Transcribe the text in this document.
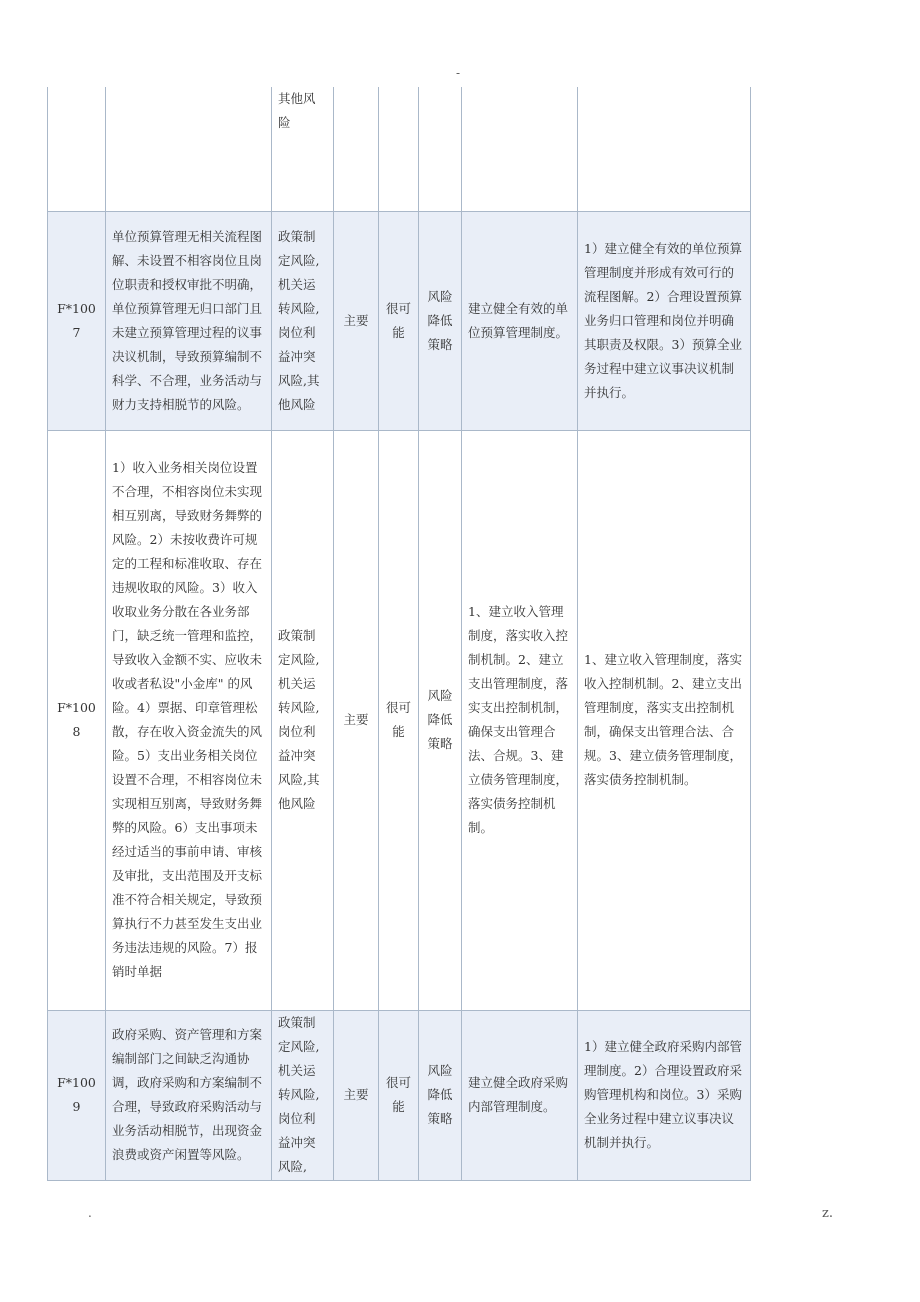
-
		其他风
险					
F*1007	单位预算管理无相关流程图解、未设置不相容岗位且岗位职责和授权审批不明确，单位预算管理无归口部门且未建立预算管理过程的议事决议机制，导致预算编制不科学、不合理，业务活动与财力支持相脱节的风险。	政策制定风险,机关运转风险,岗位利益冲突风险,其他风险	主要	很可能	风险降低策略	建立健全有效的单位预算管理制度。	1）建立健全有效的单位预算管理制度并形成有效可行的流程图解。2）合理设置预算业务归口管理和岗位并明确其职责及权限。3）预算全业务过程中建立议事决议机制并执行。
F*1008	1）收入业务相关岗位设置不合理，不相容岗位未实现相互别离，导致财务舞弊的风险。2）未按收费许可规定的工程和标准收取、存在违规收取的风险。3）收入收取业务分散在各业务部门，缺乏统一管理和监控，导致收入金额不实、应收未收或者私设"小金库" 的风险。4）票据、印章管理松散，存在收入资金流失的风险。5）支出业务相关岗位设置不合理，不相容岗位未实现相互别离，导致财务舞弊的风险。6）支出事项未经过适当的事前申请、审核及审批，支出范围及开支标准不符合相关规定，导致预算执行不力甚至发生支出业务违法违规的风险。7）报销时单据	政策制定风险,机关运转风险,岗位利益冲突风险,其他风险	主要	很可能	风险降低策略	1、建立收入管理制度，落实收入控制机制。2、建立支出管理制度，落实支出控制机制，确保支出管理合法、合规。3、建立债务管理制度，落实债务控制机制。	1、建立收入管理制度，落实收入控制机制。2、建立支出管理制度，落实支出控制机制，确保支出管理合法、合规。3、建立债务管理制度，落实债务控制机制。
F*1009	政府采购、资产管理和方案编制部门之间缺乏沟通协调，政府采购和方案编制不合理，导致政府采购活动与业务活动相脱节，出现资金浪费或资产闲置等风险。	政策制定风险,机关运转风险,岗位利益冲突风险,	主要	很可能	风险降低策略	建立健全政府采购内部管理制度。	1）建立健全政府采购内部管理制度。2）合理设置政府采购管理机构和岗位。3）采购全业务过程中建立议事决议机制并执行。
.	z.
